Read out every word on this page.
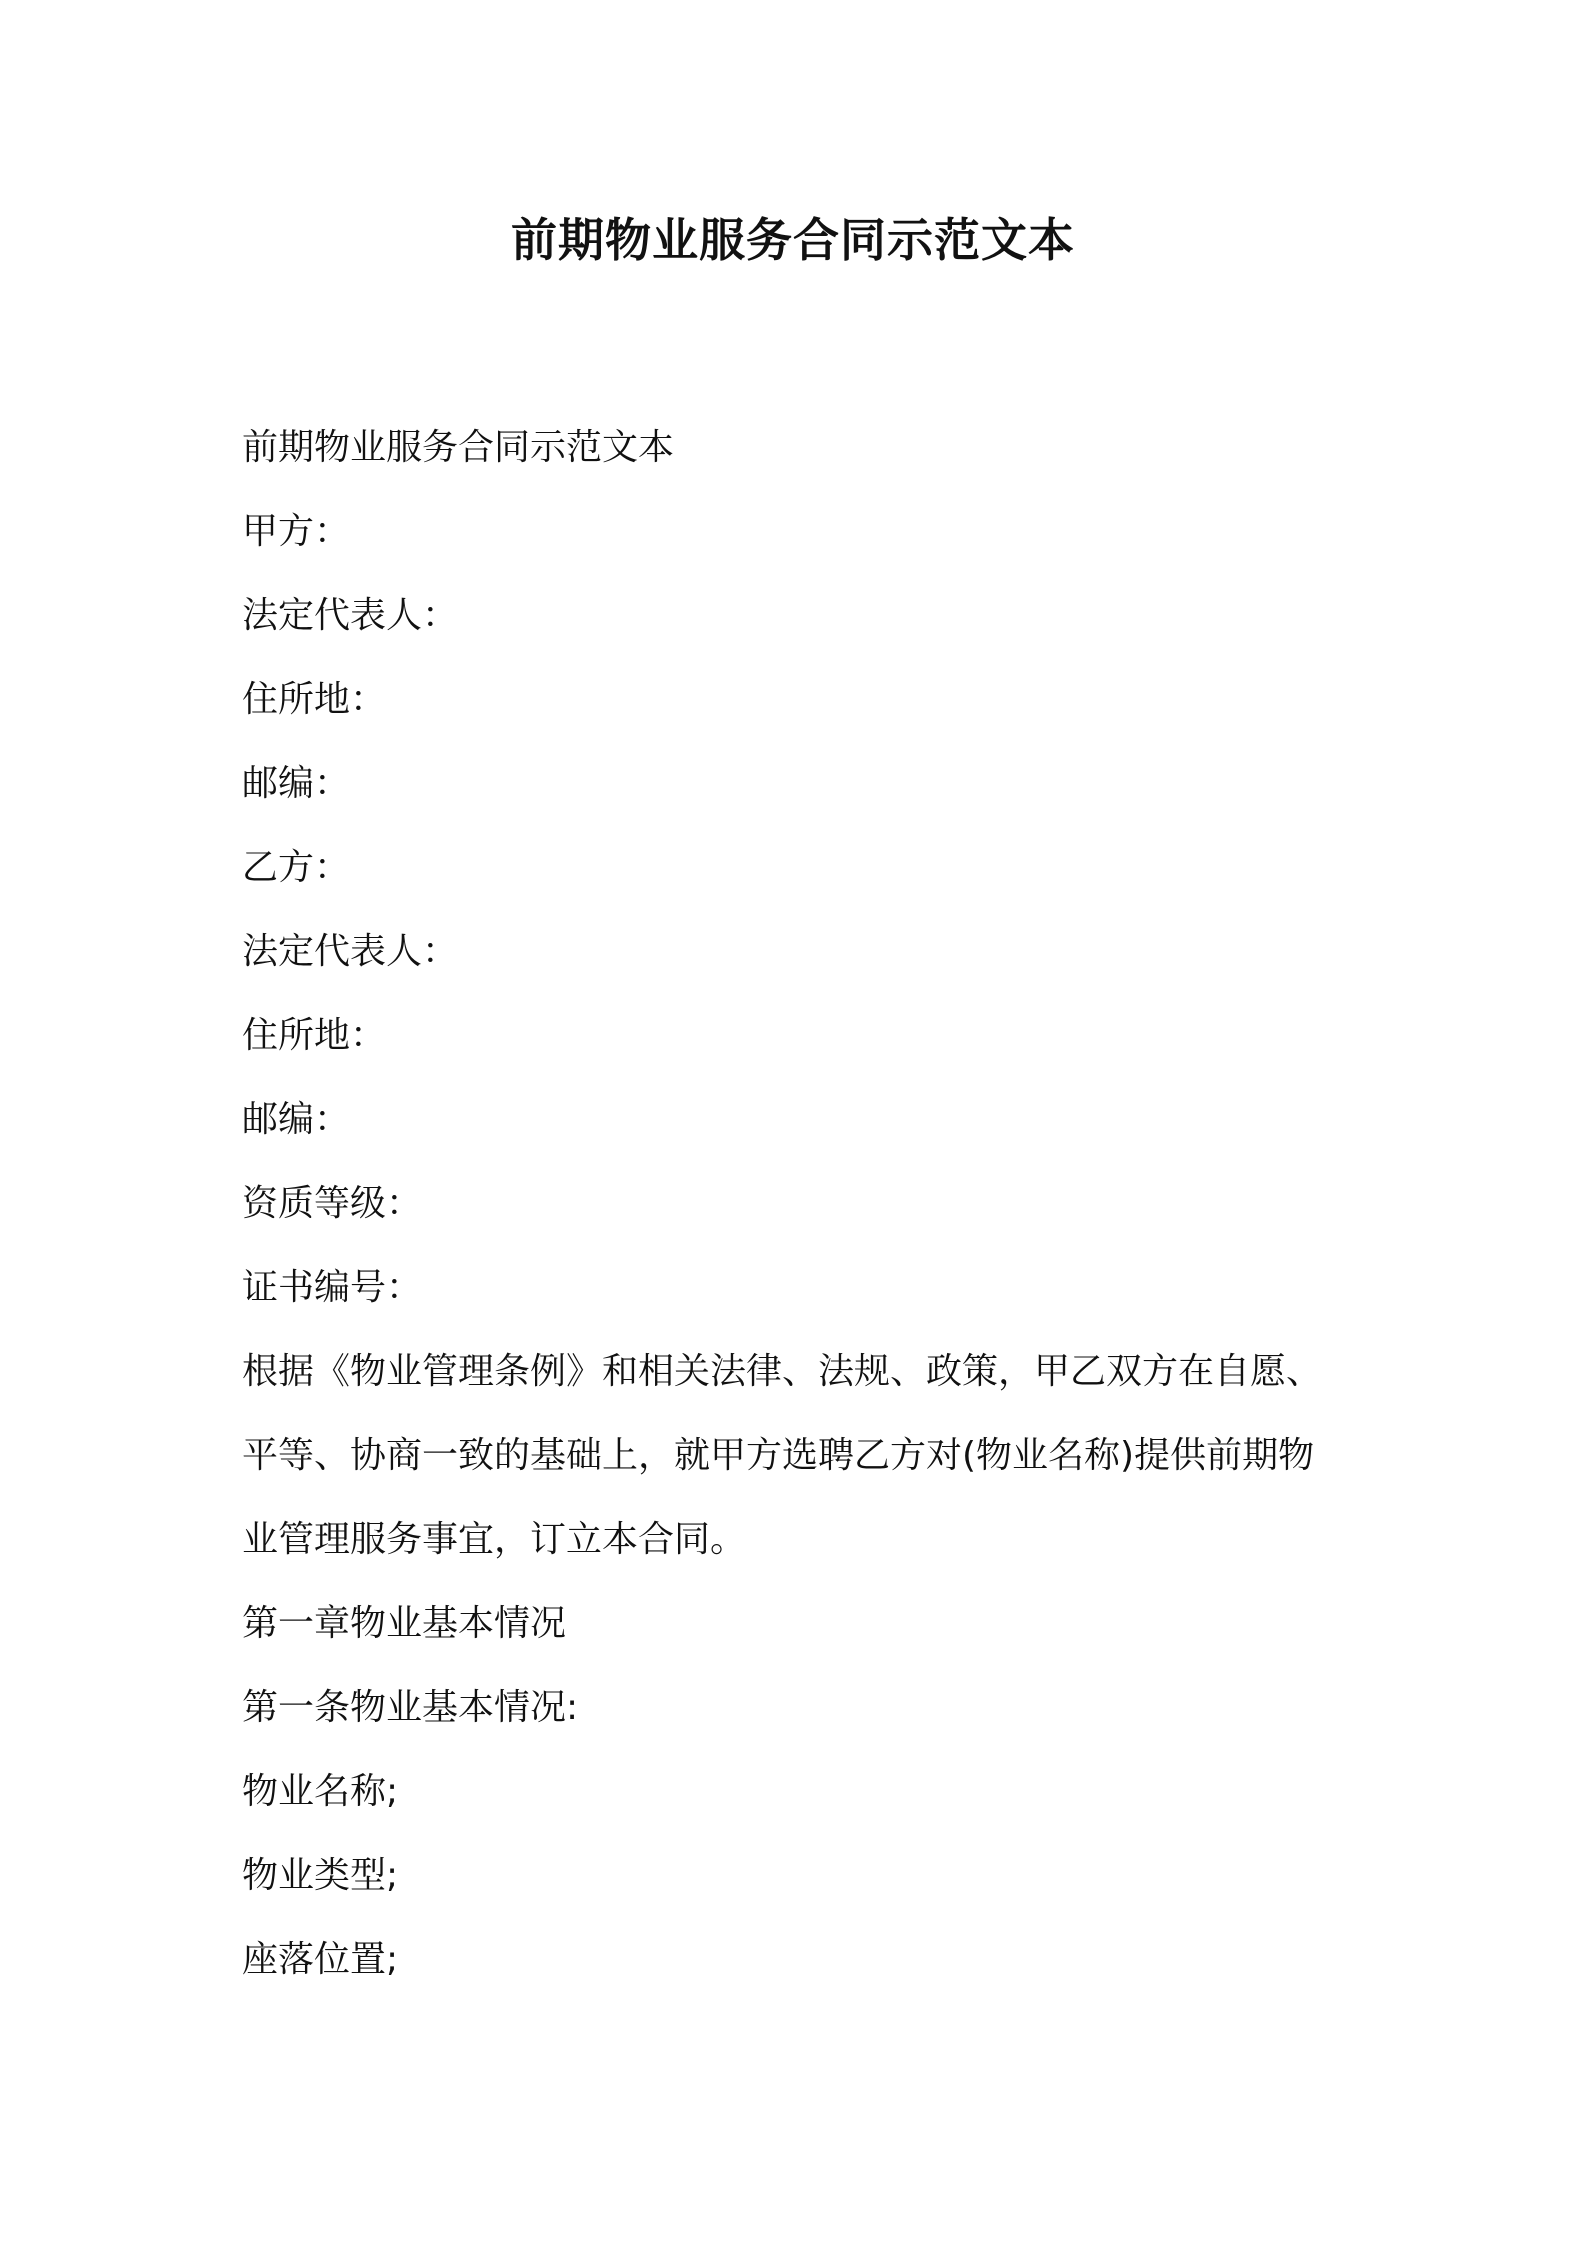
前期物业服务合同示范文本

前期物业服务合同示范文本

甲方：

法定代表人：

住所地：

邮编：

乙方：

法定代表人：

住所地：

邮编：

资质等级：

证书编号：

根据《物业管理条例》和相关法律、法规、政策，甲乙双方在自愿、

平等、协商一致的基础上，就甲方选聘乙方对(物业名称)提供前期物

业管理服务事宜，订立本合同。

第一章物业基本情况

第一条物业基本情况:

物业名称;

物业类型;

座落位置;
